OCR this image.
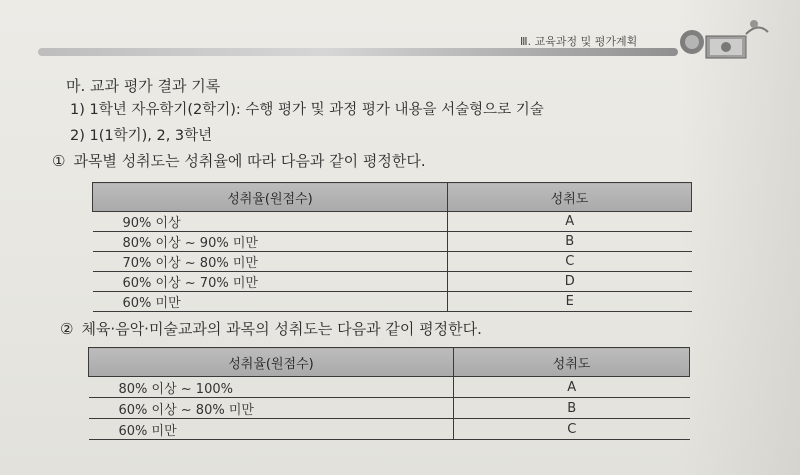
Ⅲ. 교육과정 및 평가계획
마. 교과 평가 결과 기록
1) 1학년 자유학기(2학기): 수행 평가 및 과정 평가 내용을 서술형으로 기술
2) 1(1학기), 2, 3학년
① 과목별 성취도는 성취율에 따라 다음과 같이 평정한다.
성취율(원점수)	성취도
90% 이상	A
80% 이상 ~ 90% 미만	B
70% 이상 ~ 80% 미만	C
60% 이상 ~ 70% 미만	D
60% 미만	E
② 체육·음악·미술교과의 과목의 성취도는 다음과 같이 평정한다.
성취율(원점수)	성취도
80% 이상 ~ 100%	A
60% 이상 ~ 80% 미만	B
60% 미만	C
